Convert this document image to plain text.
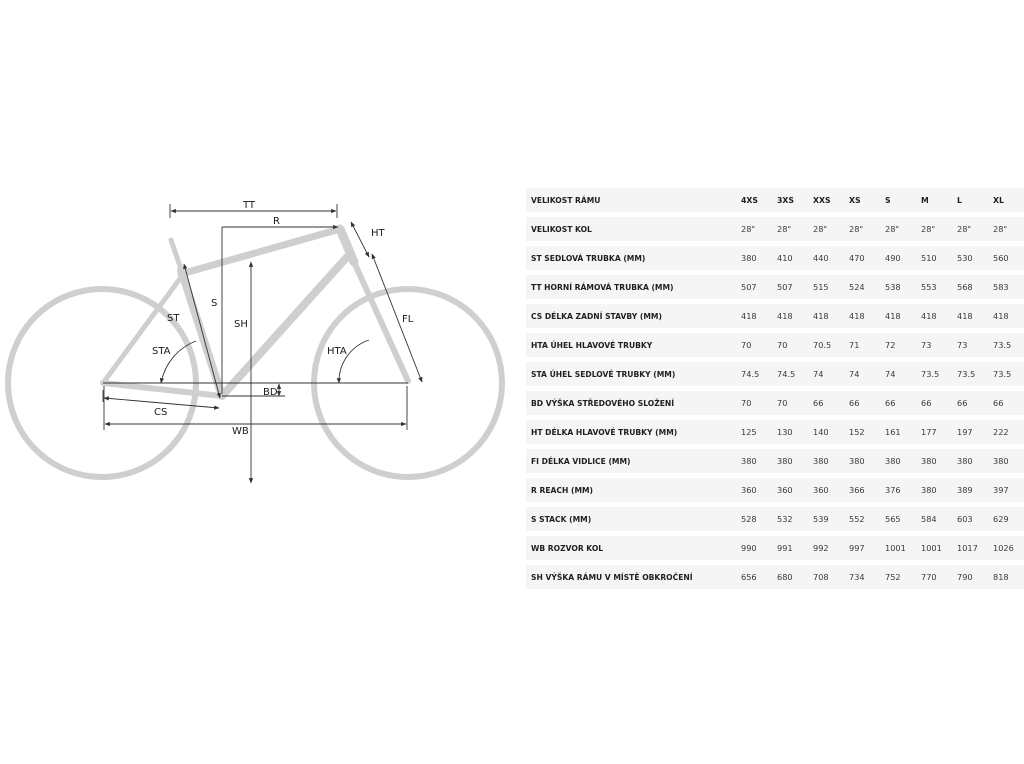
TT
R
HT
ST
S
SH	FL
STA	HTA
BD
CS
WB
VELIKOST RÁMU	4XS	3XS	XXS	XS	S	M	L	XL
VELIKOST KOL	28"	28"	28"	28"	28"	28"	28"	28"
ST SEDLOVÁ TRUBKA (MM)	380	410	440	470	490	510	530	560
TT HORNÍ RÁMOVÁ TRUBKA (MM)	507	507	515	524	538	553	568	583
CS DÉLKA ZADNÍ STAVBY (MM)	418	418	418	418	418	418	418	418
HTA ÚHEL HLAVOVÉ TRUBKY	70	70	70.5	71	72	73	73	73.5
STA ÚHEL SEDLOVÉ TRUBKY (MM)	74.5	74.5	74	74	74	73.5	73.5	73.5
BD VÝŠKA STŘEDOVÉHO SLOŽENÍ	70	70	66	66	66	66	66	66
HT DÉLKA HLAVOVÉ TRUBKY (MM)	125	130	140	152	161	177	197	222
FI DÉLKA VIDLICE (MM)	380	380	380	380	380	380	380	380
R REACH (MM)	360	360	360	366	376	380	389	397
S STACK (MM)	528	532	539	552	565	584	603	629
WB ROZVOR KOL	990	991	992	997	1001	1001	1017	1026
SH VÝŠKA RÁMU V MÍSTĚ OBKROČENÍ	656	680	708	734	752	770	790	818
